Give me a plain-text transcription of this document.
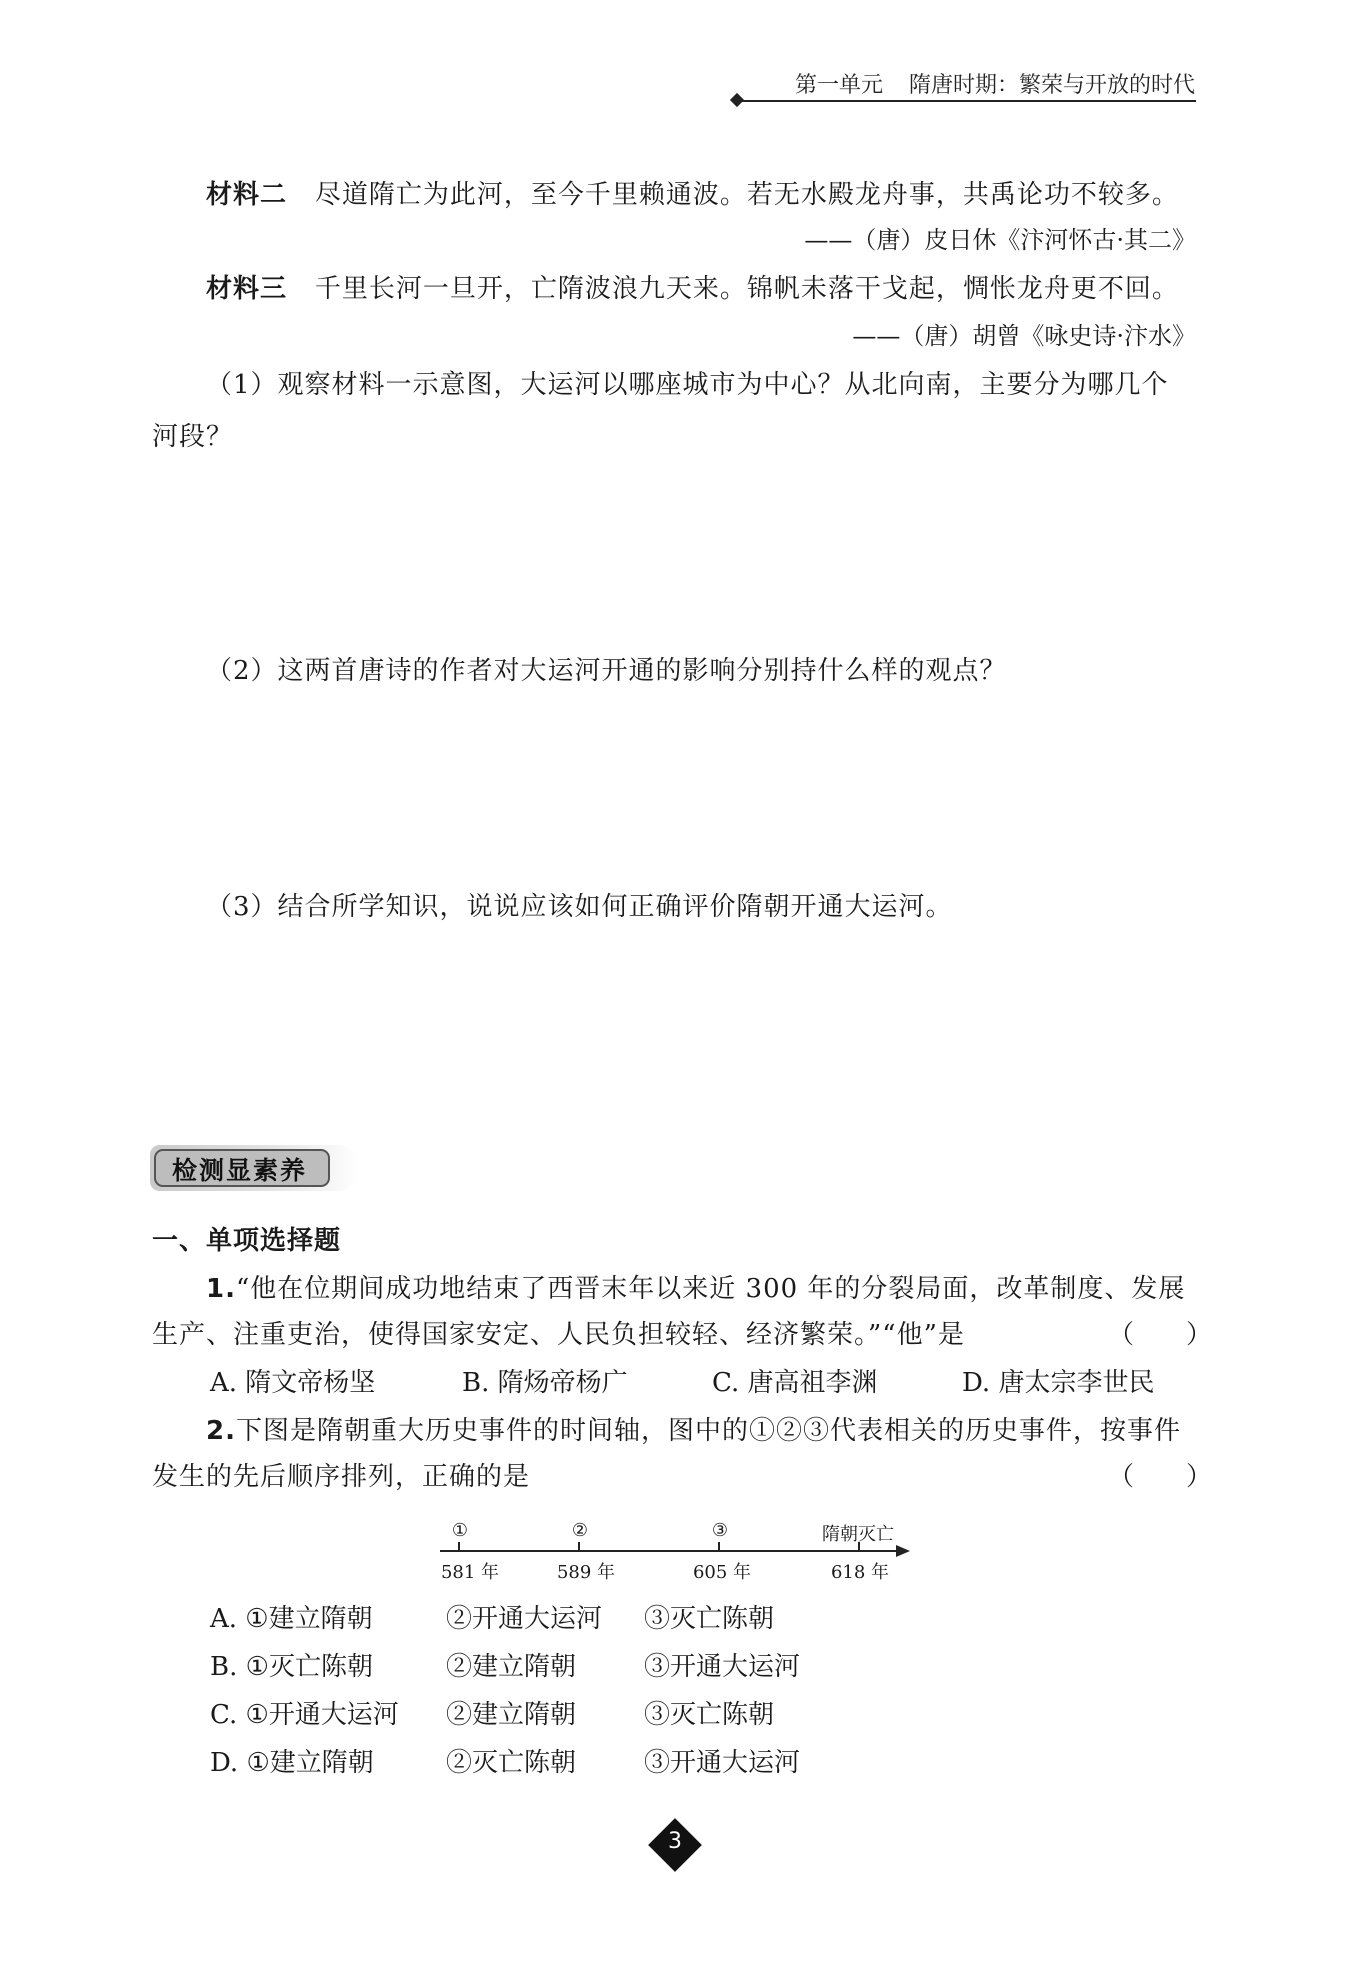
第一单元 隋唐时期：繁荣与开放的时代
材料二 尽道隋亡为此河，至今千里赖通波。若无水殿龙舟事，共禹论功不较多。
——（唐）皮日休《汴河怀古·其二》
材料三 千里长河一旦开，亡隋波浪九天来。锦帆未落干戈起，惆怅龙舟更不回。
——（唐）胡曾《咏史诗·汴水》
（1）观察材料一示意图，大运河以哪座城市为中心？从北向南，主要分为哪几个
河段？
（2）这两首唐诗的作者对大运河开通的影响分别持什么样的观点？
（3）结合所学知识，说说应该如何正确评价隋朝开通大运河。
检测显素养
一、单项选择题
1.“他在位期间成功地结束了西晋末年以来近 300 年的分裂局面，改革制度、发展
生产、注重吏治，使得国家安定、人民负担较轻、经济繁荣。”“他”是	（　　）
A. 隋文帝杨坚	B. 隋炀帝杨广	C. 唐高祖李渊	D. 唐太宗李世民
2.下图是隋朝重大历史事件的时间轴，图中的①②③代表相关的历史事件，按事件
发生的先后顺序排列，正确的是	（　　）
①
581 年
②
589 年
③
605 年
隋朝灭亡
618 年
A. ①建立隋朝	②开通大运河 ③灭亡陈朝
B. ①灭亡陈朝	②建立隋朝	③开通大运河
C. ①开通大运河 ②建立隋朝	③灭亡陈朝
D. ①建立隋朝	②灭亡陈朝	③开通大运河
3
